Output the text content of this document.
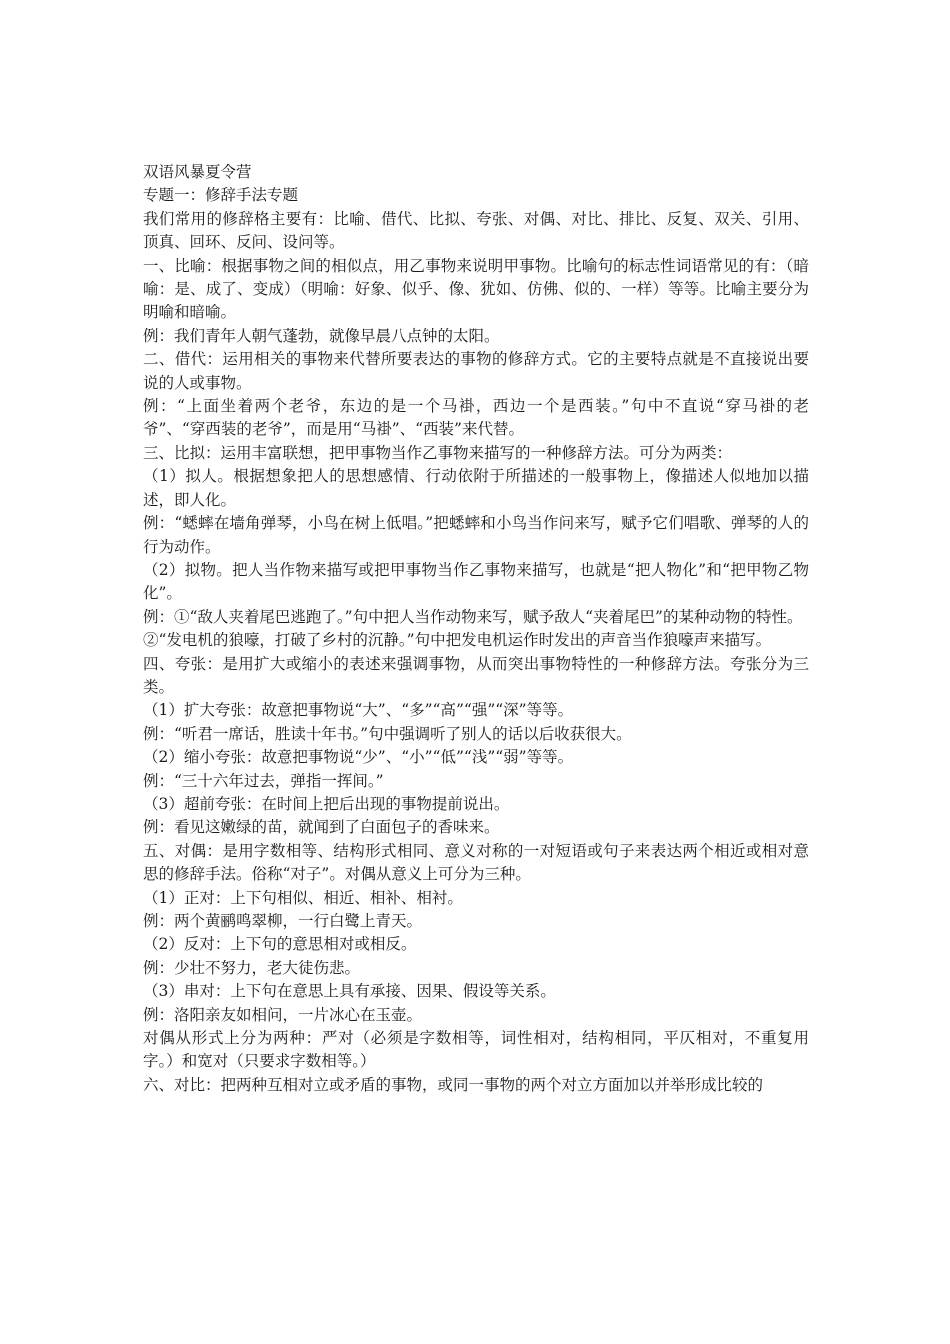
双语风暴夏令营

专题一：修辞手法专题

我们常用的修辞格主要有：比喻、借代、比拟、夸张、对偶、对比、排比、反复、双关、引用、顶真、回环、反问、设问等。

一、比喻：根据事物之间的相似点，用乙事物来说明甲事物。比喻句的标志性词语常见的有：（暗喻：是、成了、变成）（明喻：好象、似乎、像、犹如、仿佛、似的、一样）等等。比喻主要分为明喻和暗喻。

例：我们青年人朝气蓬勃，就像早晨八点钟的太阳。

二、借代：运用相关的事物来代替所要表达的事物的修辞方式。它的主要特点就是不直接说出要说的人或事物。

例：“上面坐着两个老爷，东边的是一个马褂，西边一个是西装。”句中不直说“穿马褂的老爷”、“穿西装的老爷”，而是用“马褂”、“西装”来代替。

三、比拟：运用丰富联想，把甲事物当作乙事物来描写的一种修辞方法。可分为两类：

（1）拟人。根据想象把人的思想感情、行动依附于所描述的一般事物上，像描述人似地加以描述，即人化。

例：“蟋蟀在墙角弹琴，小鸟在树上低唱。”把蟋蟀和小鸟当作问来写，赋予它们唱歌、弹琴的人的行为动作。

（2）拟物。把人当作物来描写或把甲事物当作乙事物来描写，也就是“把人物化”和“把甲物乙物化”。

例：①“敌人夹着尾巴逃跑了。”句中把人当作动物来写，赋予敌人“夹着尾巴”的某种动物的特性。

②“发电机的狼嚎，打破了乡村的沉静。”句中把发电机运作时发出的声音当作狼嚎声来描写。

四、夸张：是用扩大或缩小的表述来强调事物，从而突出事物特性的一种修辞方法。夸张分为三类。

（1）扩大夸张：故意把事物说“大”、“多”“高”“强”“深”等等。

例：“听君一席话，胜读十年书。”句中强调听了别人的话以后收获很大。

（2）缩小夸张：故意把事物说“少”、“小”“低”“浅”“弱”等等。

例：“三十六年过去，弹指一挥间。”

（3）超前夸张：在时间上把后出现的事物提前说出。

例：看见这嫩绿的苗，就闻到了白面包子的香味来。

五、对偶：是用字数相等、结构形式相同、意义对称的一对短语或句子来表达两个相近或相对意思的修辞手法。俗称“对子”。对偶从意义上可分为三种。

（1）正对：上下句相似、相近、相补、相衬。

例：两个黄鹂鸣翠柳，一行白鹭上青天。

（2）反对：上下句的意思相对或相反。

例：少壮不努力，老大徒伤悲。

（3）串对：上下句在意思上具有承接、因果、假设等关系。

例：洛阳亲友如相问，一片冰心在玉壶。

对偶从形式上分为两种：严对（必须是字数相等，词性相对，结构相同，平仄相对，不重复用字。）和宽对（只要求字数相等。）

六、对比：把两种互相对立或矛盾的事物，或同一事物的两个对立方面加以并举形成比较的
